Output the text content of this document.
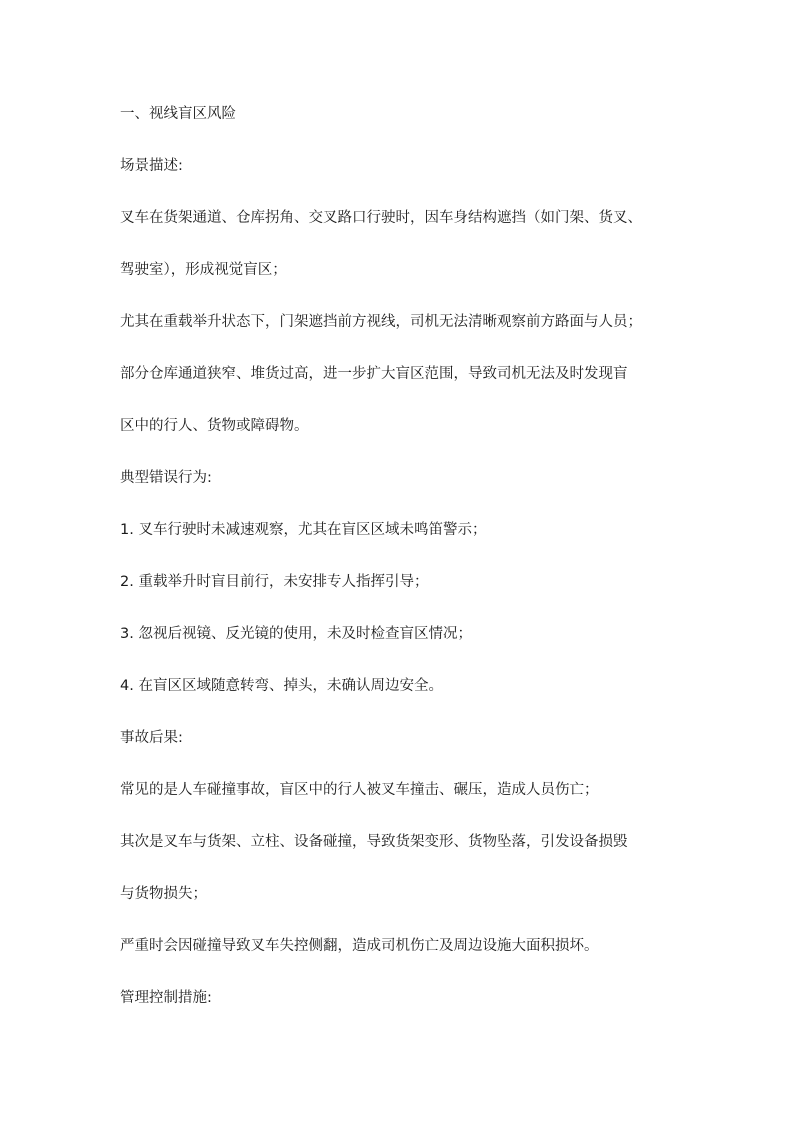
一、视线盲区风险
场景描述:
叉车在货架通道、仓库拐角、交叉路口行驶时，因车身结构遮挡（如门架、货叉、
驾驶室），形成视觉盲区；
尤其在重载举升状态下，门架遮挡前方视线，司机无法清晰观察前方路面与人员；
部分仓库通道狭窄、堆货过高，进一步扩大盲区范围，导致司机无法及时发现盲
区中的行人、货物或障碍物。
典型错误行为:
1. 叉车行驶时未减速观察，尤其在盲区区域未鸣笛警示；
2. 重载举升时盲目前行，未安排专人指挥引导；
3. 忽视后视镜、反光镜的使用，未及时检查盲区情况；
4. 在盲区区域随意转弯、掉头，未确认周边安全。
事故后果:
常见的是人车碰撞事故，盲区中的行人被叉车撞击、碾压，造成人员伤亡；
其次是叉车与货架、立柱、设备碰撞，导致货架变形、货物坠落，引发设备损毁
与货物损失；
严重时会因碰撞导致叉车失控侧翻，造成司机伤亡及周边设施大面积损坏。
管理控制措施:
